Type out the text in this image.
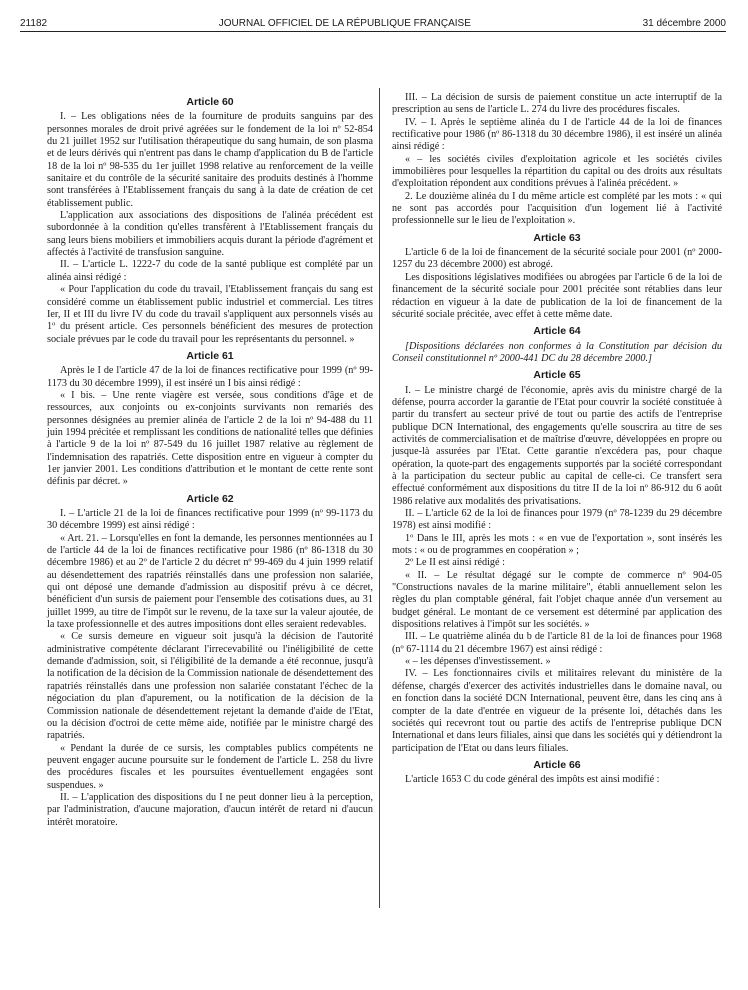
21182	JOURNAL OFFICIEL DE LA RÉPUBLIQUE FRANÇAISE	31 décembre 2000
Article 60

I. – Les obligations nées de la fourniture de produits sanguins par des personnes morales de droit privé agréées sur le fondement de la loi nº 52-854 du 21 juillet 1952 sur l'utilisation thérapeutique du sang humain, de son plasma et de leurs dérivés qui n'entrent pas dans le champ d'application du B de l'article 18 de la loi nº 98-535 du 1er juillet 1998 relative au renforcement de la veille sanitaire et du contrôle de la sécurité sanitaire des produits destinés à l'homme sont transférées à l'Etablissement français du sang à la date de création de cet établissement public.

L'application aux associations des dispositions de l'alinéa précédent est subordonnée à la condition qu'elles transfèrent à l'Etablissement français du sang leurs biens mobiliers et immobiliers acquis durant la période d'agrément et affectés à l'activité de transfusion sanguine.

II. – L'article L. 1222-7 du code de la santé publique est complété par un alinéa ainsi rédigé :

« Pour l'application du code du travail, l'Etablissement français du sang est considéré comme un établissement public industriel et commercial. Les titres Ier, II et III du livre IV du code du travail s'appliquent aux personnels visés au 1º du présent article. Ces personnels bénéficient des mesures de protection sociale prévues par le code du travail pour les représentants du personnel. »

Article 61

Après le I de l'article 47 de la loi de finances rectificative pour 1999 (nº 99-1173 du 30 décembre 1999), il est inséré un I bis ainsi rédigé :

« I bis. – Une rente viagère est versée, sous conditions d'âge et de ressources, aux conjoints ou ex-conjoints survivants non remariés des personnes désignées au premier alinéa de l'article 2 de la loi nº 94-488 du 11 juin 1994 précitée et remplissant les conditions de nationalité telles que définies à l'article 9 de la loi nº 87-549 du 16 juillet 1987 relative au règlement de l'indemnisation des rapatriés. Cette disposition entre en vigueur à compter du 1er janvier 2001. Les conditions d'attribution et le montant de cette rente sont définis par décret. »

Article 62

I. – L'article 21 de la loi de finances rectificative pour 1999 (nº 99-1173 du 30 décembre 1999) est ainsi rédigé :

« Art. 21. – Lorsqu'elles en font la demande, les personnes mentionnées au I de l'article 44 de la loi de finances rectificative pour 1986 (nº 86-1318 du 30 décembre 1986) et au 2º de l'article 2 du décret nº 99-469 du 4 juin 1999 relatif au désendettement des rapatriés réinstallés dans une profession non salariée, qui ont déposé une demande d'admission au dispositif prévu à ce décret, bénéficient d'un sursis de paiement pour l'ensemble des cotisations dues, au 31 juillet 1999, au titre de l'impôt sur le revenu, de la taxe sur la valeur ajoutée, de la taxe professionnelle et des autres impositions dont elles seraient redevables.

« Ce sursis demeure en vigueur soit jusqu'à la décision de l'autorité administrative compétente déclarant l'irrecevabilité ou l'inéligibilité de cette demande d'admission, soit, si l'éligibilité de la demande a été reconnue, jusqu'à la notification de la décision de la Commission nationale de désendettement des rapatriés réinstallés dans une profession non salariée constatant l'échec de la négociation du plan d'apurement, ou la notification de la décision de la Commission nationale de désendettement rejetant la demande d'aide de l'Etat, ou la décision d'octroi de cette même aide, notifiée par le ministre chargé des rapatriés.

« Pendant la durée de ce sursis, les comptables publics compétents ne peuvent engager aucune poursuite sur le fondement de l'article L. 258 du livre des procédures fiscales et les poursuites éventuellement engagées sont suspendues. »

II. – L'application des dispositions du I ne peut donner lieu à la perception, par l'administration, d'aucune majoration, d'aucun intérêt de retard ni d'aucun intérêt moratoire.

III. – La décision de sursis de paiement constitue un acte interruptif de la prescription au sens de l'article L. 274 du livre des procédures fiscales.

IV. – I. Après le septième alinéa du I de l'article 44 de la loi de finances rectificative pour 1986 (nº 86-1318 du 30 décembre 1986), il est inséré un alinéa ainsi rédigé :

« – les sociétés civiles d'exploitation agricole et les sociétés civiles immobilières pour lesquelles la répartition du capital ou des droits aux résultats d'exploitation répondent aux conditions prévues à l'alinéa précédent. »

2. Le douzième alinéa du I du même article est complété par les mots : « qui ne sont pas accordés pour l'acquisition d'un logement lié à l'activité professionnelle sur le lieu de l'exploitation ».

Article 63

L'article 6 de la loi de financement de la sécurité sociale pour 2001 (nº 2000-1257 du 23 décembre 2000) est abrogé.

Les dispositions législatives modifiées ou abrogées par l'article 6 de la loi de financement de la sécurité sociale pour 2001 précitée sont rétablies dans leur rédaction en vigueur à la date de publication de la loi de financement de la sécurité sociale précitée, avec effet à cette même date.

Article 64

[Dispositions déclarées non conformes à la Constitution par décision du Conseil constitutionnel nº 2000-441 DC du 28 décembre 2000.]

Article 65

I. – Le ministre chargé de l'économie, après avis du ministre chargé de la défense, pourra accorder la garantie de l'Etat pour couvrir la société constituée à partir du transfert au secteur privé de tout ou partie des actifs de l'entreprise publique DCN International, des engagements qu'elle souscrira au titre de ses activités de commercialisation et de maîtrise d'œuvre, développées en propre ou jusque-là assurées par l'Etat. Cette garantie n'excédera pas, pour chaque opération, la quote-part des engagements supportés par la société correspondant à la participation du secteur public au capital de celle-ci. Ce transfert sera effectué conformément aux dispositions du titre II de la loi nº 86-912 du 6 août 1986 relative aux modalités des privatisations.

II. – L'article 62 de la loi de finances pour 1979 (nº 78-1239 du 29 décembre 1978) est ainsi modifié :

1º Dans le III, après les mots : « en vue de l'exportation », sont insérés les mots : « ou de programmes en coopération » ;

2º Le II est ainsi rédigé :

« II. – Le résultat dégagé sur le compte de commerce nº 904-05 "Constructions navales de la marine militaire", établi annuellement selon les règles du plan comptable général, fait l'objet chaque année d'un versement au budget général. Le montant de ce versement est déterminé par application des dispositions relatives à l'impôt sur les sociétés. »

III. – Le quatrième alinéa du b de l'article 81 de la loi de finances pour 1968 (nº 67-1114 du 21 décembre 1967) est ainsi rédigé :

« – les dépenses d'investissement. »

IV. – Les fonctionnaires civils et militaires relevant du ministère de la défense, chargés d'exercer des activités industrielles dans le domaine naval, ou en fonction dans la société DCN International, peuvent être, dans les cinq ans à compter de la date d'entrée en vigueur de la présente loi, détachés dans les sociétés qui recevront tout ou partie des actifs de l'entreprise publique DCN International et dans leurs filiales, ainsi que dans les sociétés qui y détiendront la participation de l'Etat ou dans leurs filiales.

Article 66

L'article 1653 C du code général des impôts est ainsi modifié :
